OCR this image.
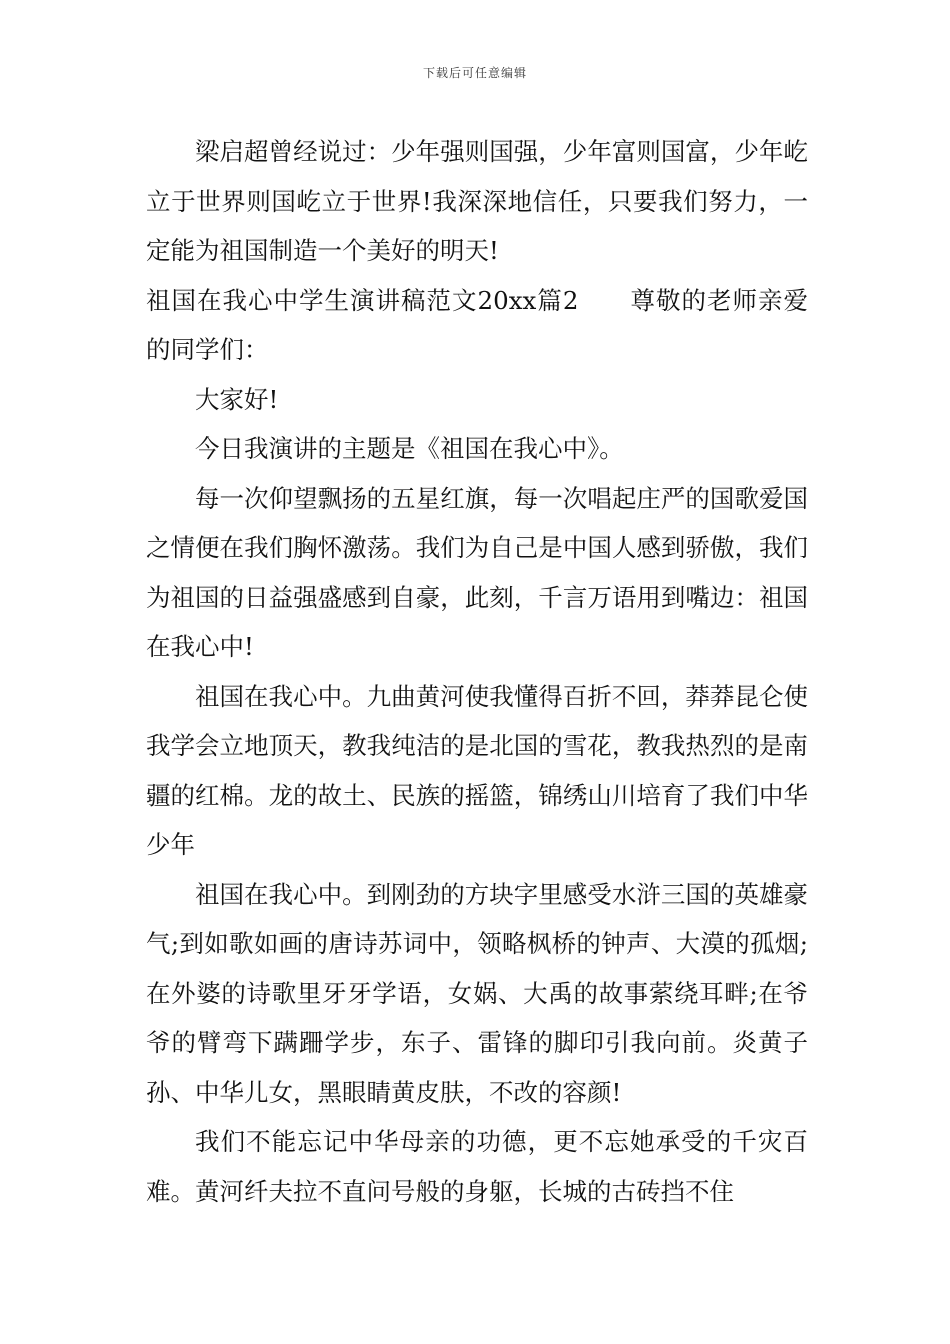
下载后可任意编辑

梁启超曾经说过：少年强则国强，少年富则国富，少年屹立于世界则国屹立于世界!我深深地信任，只要我们努力，一定能为祖国制造一个美好的明天!

祖国在我心中学生演讲稿范文20xx篇2　　尊敬的老师亲爱的同学们：

大家好!

今日我演讲的主题是《祖国在我心中》。

每一次仰望飘扬的五星红旗，每一次唱起庄严的国歌爱国之情便在我们胸怀激荡。我们为自己是中国人感到骄傲，我们为祖国的日益强盛感到自豪，此刻，千言万语用到嘴边：祖国在我心中!

祖国在我心中。九曲黄河使我懂得百折不回，莽莽昆仑使我学会立地顶天，教我纯洁的是北国的雪花，教我热烈的是南疆的红棉。龙的故土、民族的摇篮，锦绣山川培育了我们中华少年

祖国在我心中。到刚劲的方块字里感受水浒三国的英雄豪气;到如歌如画的唐诗苏词中，领略枫桥的钟声、大漠的孤烟;在外婆的诗歌里牙牙学语，女娲、大禹的故事萦绕耳畔;在爷爷的臂弯下蹒跚学步，东子、雷锋的脚印引我向前。炎黄子孙、中华儿女，黑眼睛黄皮肤，不改的容颜!

我们不能忘记中华母亲的功德，更不忘她承受的千灾百难。黄河纤夫拉不直问号般的身躯，长城的古砖挡不住
